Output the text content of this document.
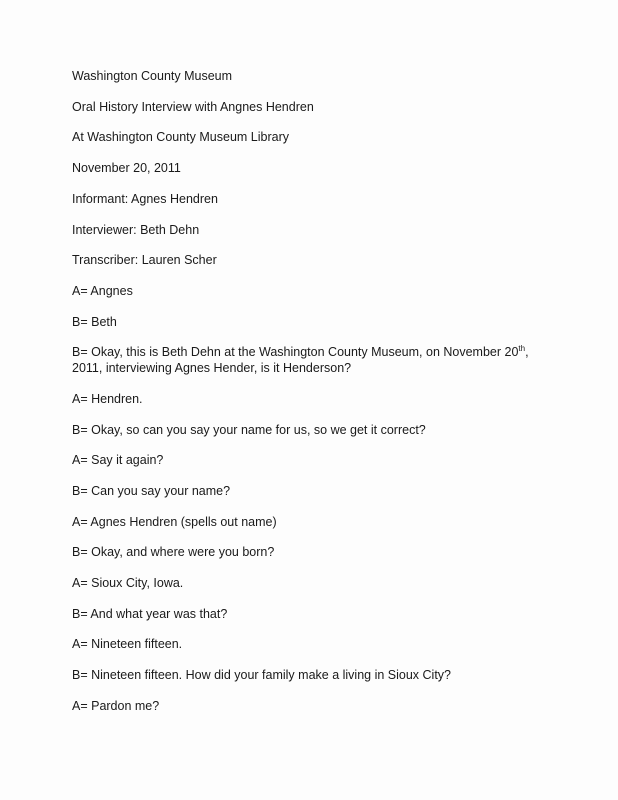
Washington County Museum
Oral History Interview with Angnes Hendren
At Washington County Museum Library
November 20, 2011
Informant: Agnes Hendren
Interviewer: Beth Dehn
Transcriber: Lauren Scher
A= Angnes
B= Beth
B= Okay, this is Beth Dehn at the Washington County Museum, on November 20th,
2011, interviewing Agnes Hender, is it Henderson?
A= Hendren.
B= Okay, so can you say your name for us, so we get it correct?
A= Say it again?
B= Can you say your name?
A= Agnes Hendren (spells out name)
B= Okay, and where were you born?
A= Sioux City, Iowa.
B= And what year was that?
A= Nineteen fifteen.
B= Nineteen fifteen. How did your family make a living in Sioux City?
A= Pardon me?
